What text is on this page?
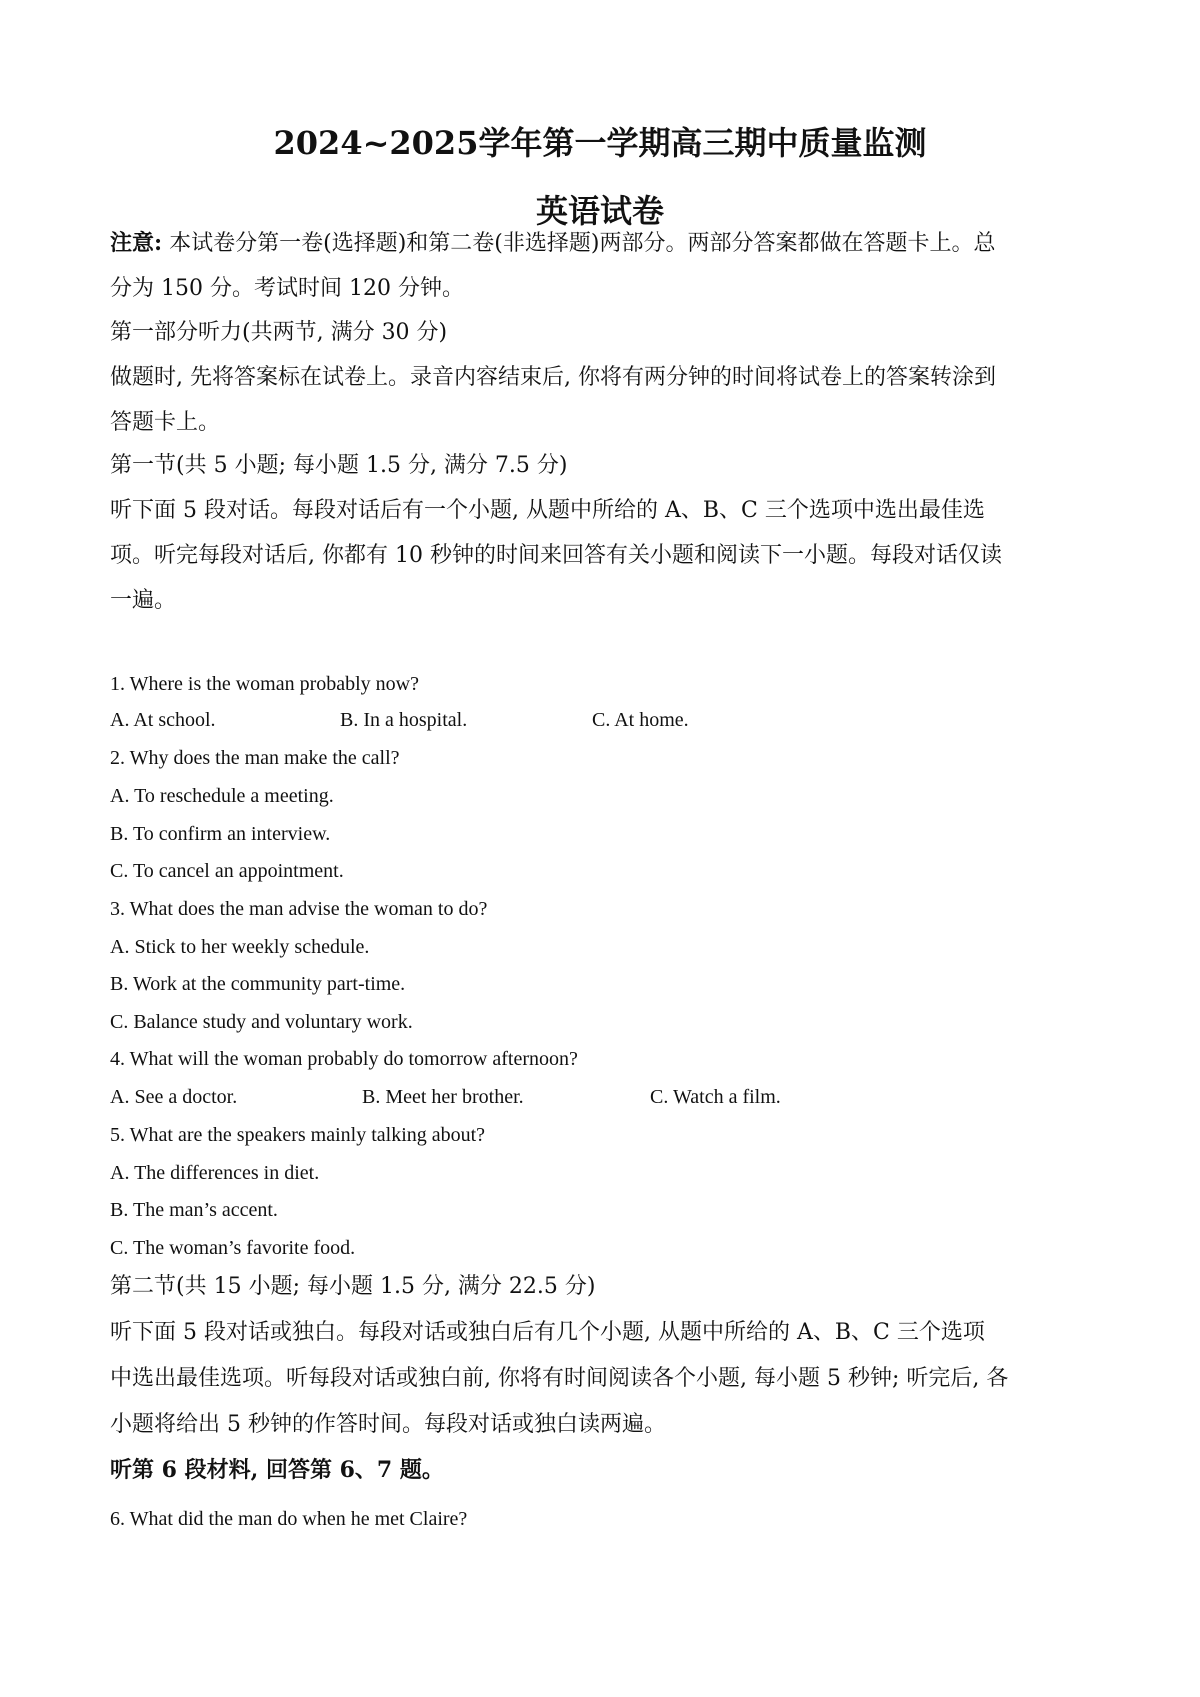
2024~2025学年第一学期高三期中质量监测
英语试卷
注意: 本试卷分第一卷(选择题)和第二卷(非选择题)两部分。两部分答案都做在答题卡上。总
分为 150 分。考试时间 120 分钟。
第一部分听力(共两节, 满分 30 分)
做题时, 先将答案标在试卷上。录音内容结束后, 你将有两分钟的时间将试卷上的答案转涂到
答题卡上。
第一节(共 5 小题; 每小题 1.5 分, 满分 7.5 分)
听下面 5 段对话。每段对话后有一个小题, 从题中所给的 A、B、C 三个选项中选出最佳选
项。听完每段对话后, 你都有 10 秒钟的时间来回答有关小题和阅读下一小题。每段对话仅读
一遍。
1. Where is the woman probably now?
A. At school.	B. In a hospital.	C. At home.
2. Why does the man make the call?
A. To reschedule a meeting.
B. To confirm an interview.
C. To cancel an appointment.
3. What does the man advise the woman to do?
A. Stick to her weekly schedule.
B. Work at the community part-time.
C. Balance study and voluntary work.
4. What will the woman probably do tomorrow afternoon?
A. See a doctor.	B. Meet her brother.	C. Watch a film.
5. What are the speakers mainly talking about?
A. The differences in diet.
B. The man’s accent.
C. The woman’s favorite food.
第二节(共 15 小题; 每小题 1.5 分, 满分 22.5 分)
听下面 5 段对话或独白。每段对话或独白后有几个小题, 从题中所给的 A、B、C 三个选项
中选出最佳选项。听每段对话或独白前, 你将有时间阅读各个小题, 每小题 5 秒钟; 听完后, 各
小题将给出 5 秒钟的作答时间。每段对话或独白读两遍。
听第 6 段材料, 回答第 6、7 题。
6. What did the man do when he met Claire?
